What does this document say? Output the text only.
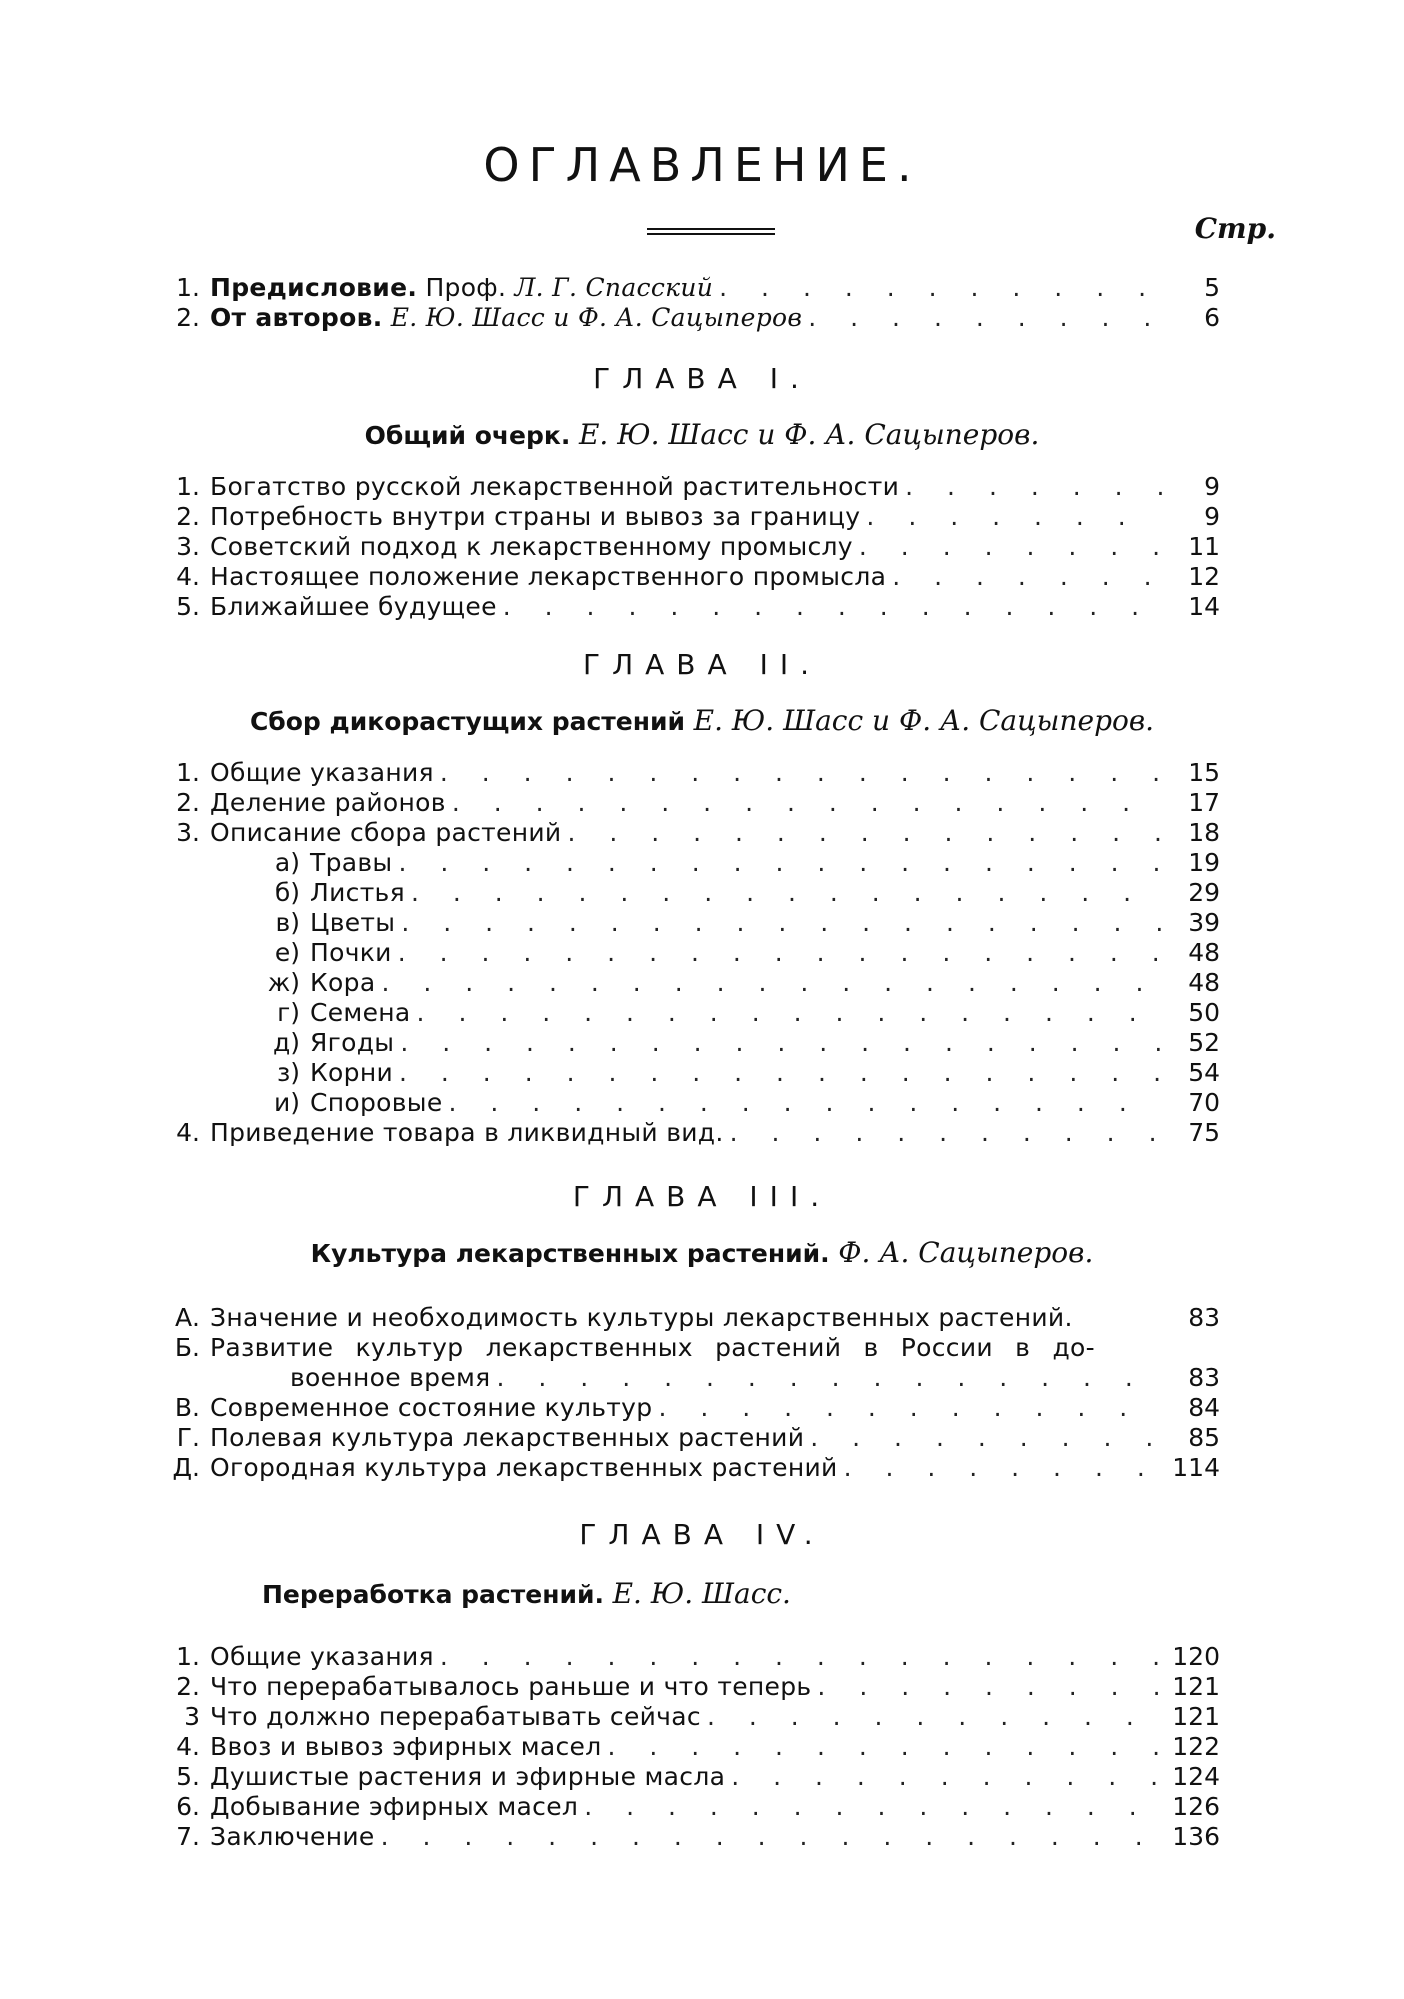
ОГЛАВЛЕНИЕ.
Стр.
1. Предисловие. Проф. Л. Г. Спасский . . .	5
2. От авторов. Е. Ю. Шасс и Ф. А. Сацыперов . . .	6
ГЛАВА I.
Общий очерк. Е. Ю. Шасс и Ф. А. Сацыперов.
1. Богатство русской лекарственной растительности . . .	9
2. Потребность внутри страны и вывоз за границу . . .	9
3. Советский подход к лекарственному промыслу . . .	11
4. Настоящее положение лекарственного промысла . . .	12
5. Ближайшее будущее . . .	14
ГЛАВА II.
Сбор дикорастущих растений Е. Ю. Шасс и Ф. А. Сацыперов.
1. Общие указания . . .	15
2. Деление районов . . .	17
3. Описание сбора растений . . .	18
а) Травы . . .	19
б) Листья . . .	29
в) Цветы . . .	39
е) Почки . . .	48
ж) Кора . . .	48
г) Семена . . .	50
д) Ягоды . . .	52
з) Корни . . .	54
и) Споровые . . .	70
4. Приведение товара в ликвидный вид. . . .	75
ГЛАВА III.
Культура лекарственных растений. Ф. А. Сацыперов.
А. Значение и необходимость культуры лекарственных растений.	83
Б. Развитие культур лекарственных растений в России в до-
военное время . . .	83
В. Современное состояние культур . . .	84
Г. Полевая культура лекарственных растений . . .	85
Д. Огородная культура лекарственных растений . . .	114
ГЛАВА IV.
Переработка растений. Е. Ю. Шасс.
1. Общие указания . . .	120
2. Что перерабатывалось раньше и что теперь . . .	121
3 Что должно перерабатывать сейчас . . .	121
4. Ввоз и вывоз эфирных масел . . .	122
5. Душистые растения и эфирные масла . . .	124
6. Добывание эфирных масел . . .	126
7. Заключение . . .	136
